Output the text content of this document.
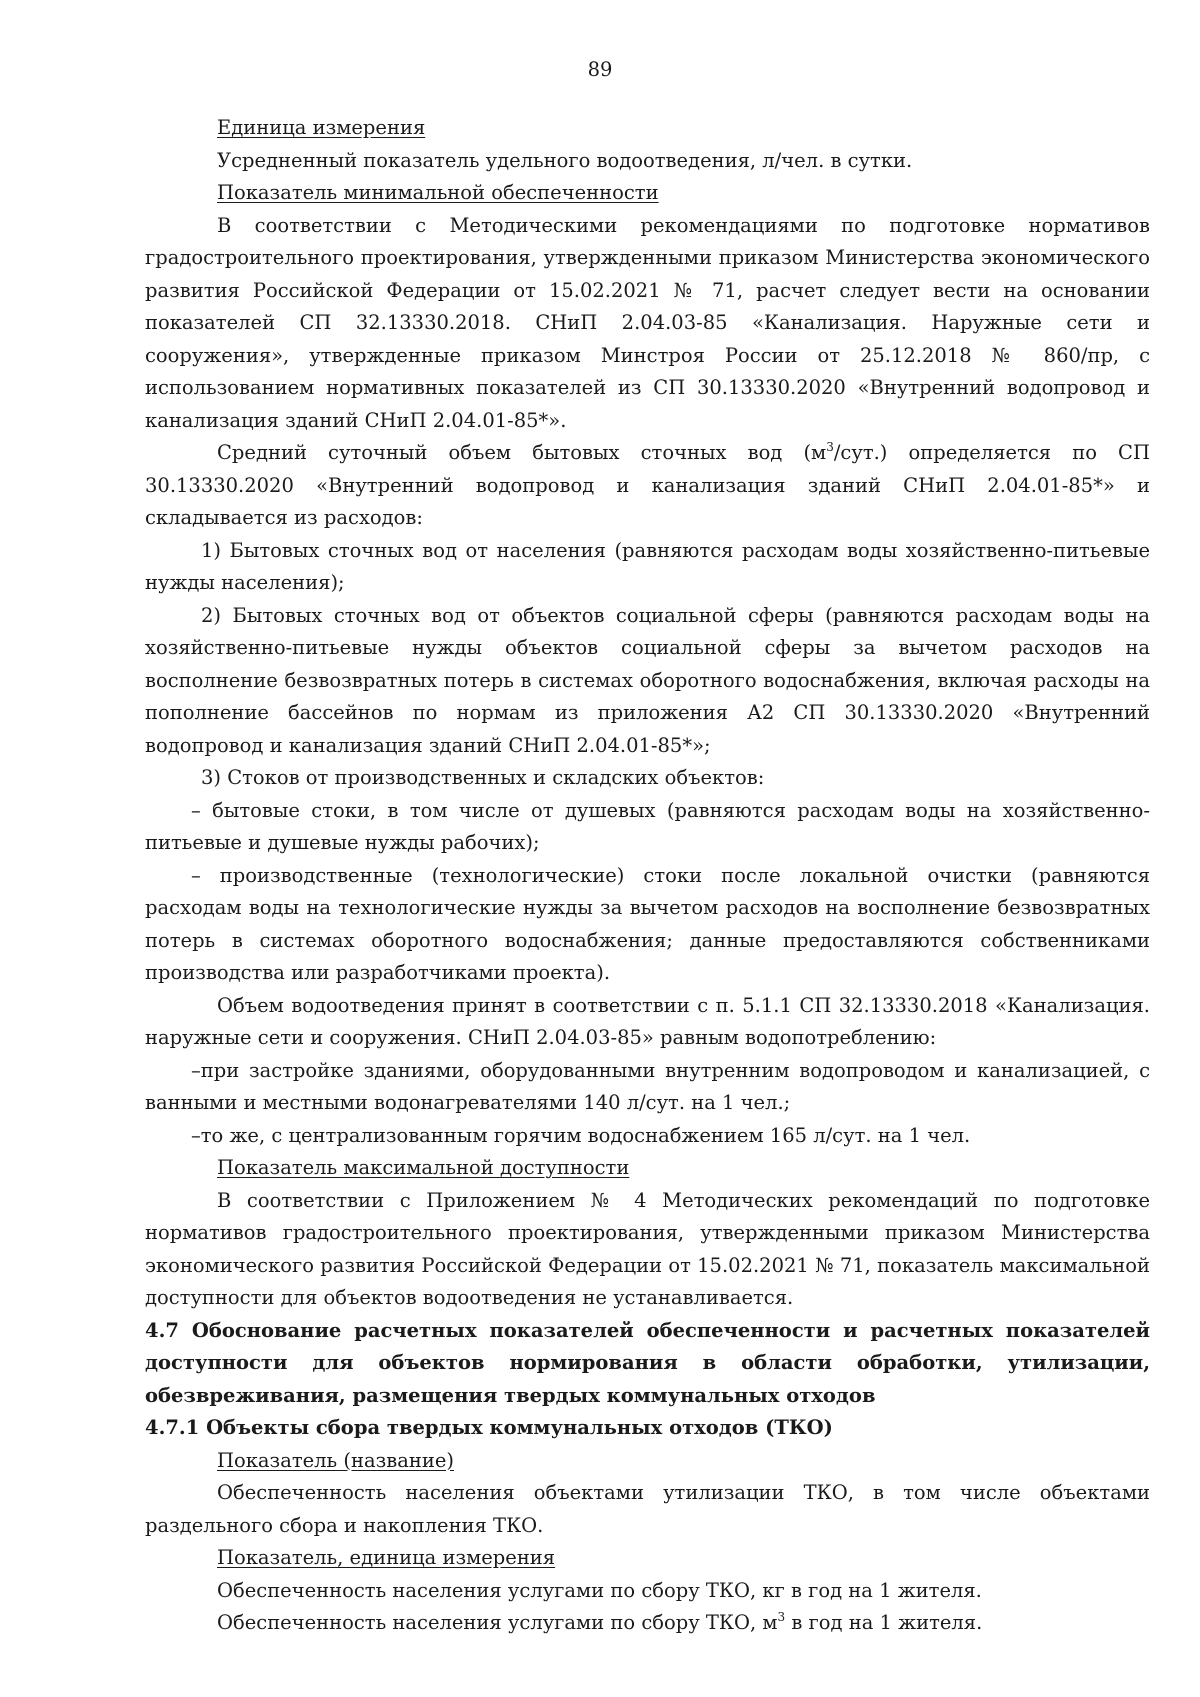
89

Единица измерения

Усредненный показатель удельного водоотведения, л/чел. в сутки.

Показатель минимальной обеспеченности

В соответствии с Методическими рекомендациями по подготовке нормативов градостроительного проектирования, утвержденными приказом Министерства экономического развития Российской Федерации от 15.02.2021 № 71, расчет следует вести на основании показателей СП 32.13330.2018. СНиП 2.04.03-85 «Канализация. Наружные сети и сооружения», утвержденные приказом Минстроя России от 25.12.2018 № 860/пр, с использованием нормативных показателей из СП 30.13330.2020 «Внутренний водопровод и канализация зданий СНиП 2.04.01-85*».

Средний суточный объем бытовых сточных вод $(м^3/сут.)$ определяется по СП 30.13330.2020 «Внутренний водопровод и канализация зданий СНиП 2.04.01-85*» и складывается из расходов:

1) Бытовых сточных вод от населения (равняются расходам воды хозяйственно-питьевые нужды населения);

2) Бытовых сточных вод от объектов социальной сферы (равняются расходам воды на хозяйственно-питьевые нужды объектов социальной сферы за вычетом расходов на восполнение безвозвратных потерь в системах оборотного водоснабжения, включая расходы на пополнение бассейнов по нормам из приложения А2 СП 30.13330.2020 «Внутренний водопровод и канализация зданий СНиП 2.04.01-85*»;

3) Стоков от производственных и складских объектов:

– бытовые стоки, в том числе от душевых (равняются расходам воды на хозяйственно-питьевые и душевые нужды рабочих);

– производственные (технологические) стоки после локальной очистки (равняются расходам воды на технологические нужды за вычетом расходов на восполнение безвозвратных потерь в системах оборотного водоснабжения; данные предоставляются собственниками производства или разработчиками проекта).

Объем водоотведения принят в соответствии с п. 5.1.1 СП 32.13330.2018 «Канализация. наружные сети и сооружения. СНиП 2.04.03-85» равным водопотреблению:

–при застройке зданиями, оборудованными внутренним водопроводом и канализацией, с ванными и местными водонагревателями 140 л/сут. на 1 чел.;

–то же, с централизованным горячим водоснабжением 165 л/сут. на 1 чел.

Показатель максимальной доступности

В соответствии с Приложением № 4 Методических рекомендаций по подготовке нормативов градостроительного проектирования, утвержденными приказом Министерства экономического развития Российской Федерации от 15.02.2021 № 71, показатель максимальной доступности для объектов водоотведения не устанавливается.

4.7 Обоснование расчетных показателей обеспеченности и расчетных показателей доступности для объектов нормирования в области обработки, утилизации, обезвреживания, размещения твердых коммунальных отходов

4.7.1 Объекты сбора твердых коммунальных отходов (ТКО)

Показатель (название)

Обеспеченность населения объектами утилизации ТКО, в том числе объектами раздельного сбора и накопления ТКО.

Показатель, единица измерения

Обеспеченность населения услугами по сбору ТКО, кг в год на 1 жителя.

Обеспеченность населения услугами по сбору ТКО, $м^3$ в год на 1 жителя.
